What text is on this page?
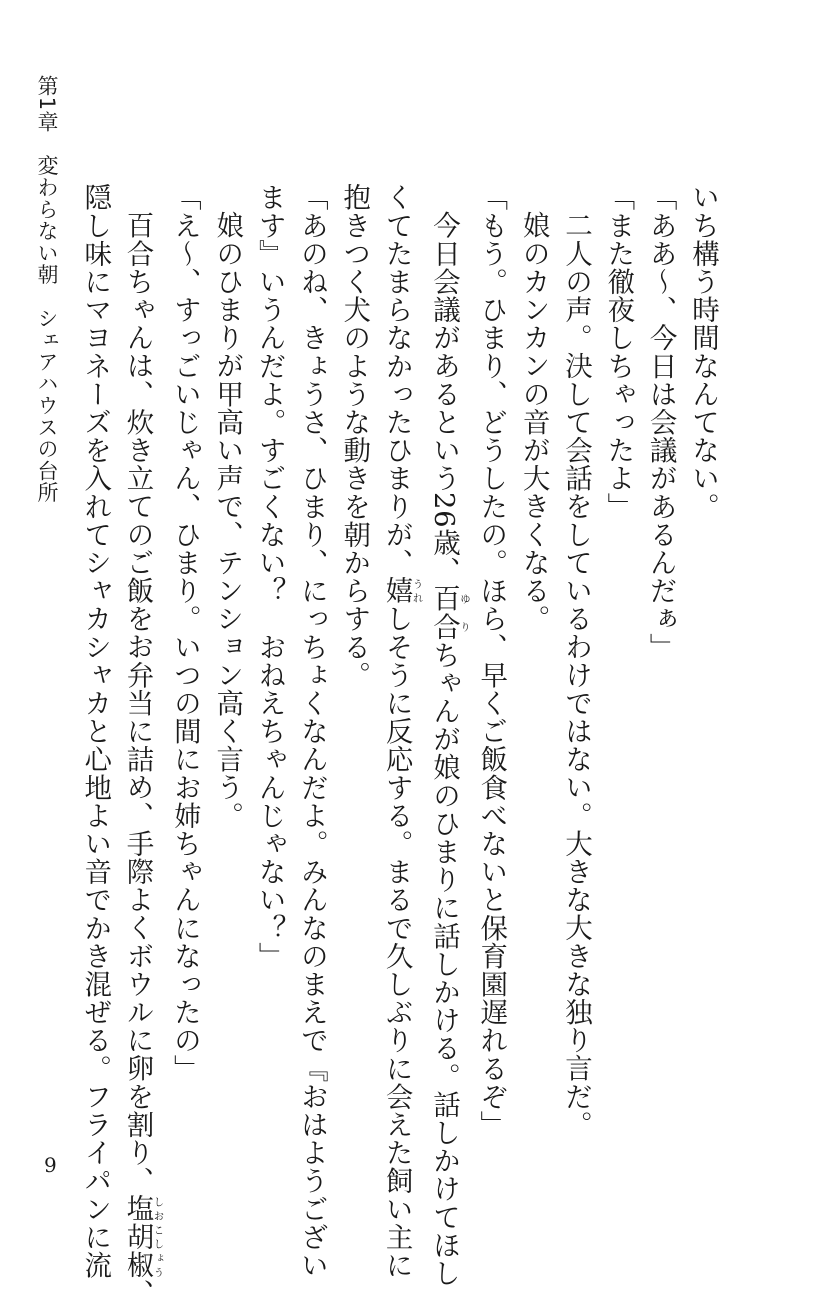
第1章変わらない朝　シェアハウスの台所	いち構う時間なんてない。
「ああ〜、今日は会議があるんだぁ」
「また徹夜しちゃったよ」
二人の声。決して会話をしているわけではない。大きな大きな独り言だ。
娘のカンカンの音が大きくなる。
「もう。ひまり、どうしたの。ほら、早くご飯食べないと保育園遅れるぞ」
今日会議があるという26歳、百合ゆりちゃんが娘のひまりに話しかける。話しかけてほし
くてたまらなかったひまりが、嬉うれしそうに反応する。まるで久しぶりに会えた飼い主に
抱きつく犬のような動きを朝からする。
「あのね、きょうさ、ひまり、にっちょくなんだよ。みんなのまえで『おはようござい
ます』いうんだよ。すごくない？　おねえちゃんじゃない？」
娘のひまりが甲高い声で、テンション高く言う。
「え〜、すっごいじゃん、ひまり。いつの間にお姉ちゃんになったの」
百合ちゃんは、炊き立てのご飯をお弁当に詰め、手際よくボウルに卵を割り、塩胡椒しおこしょう、
隠し味にマヨネーズを入れてシャカシャカと心地よい音でかき混ぜる。フライパンに流
9
